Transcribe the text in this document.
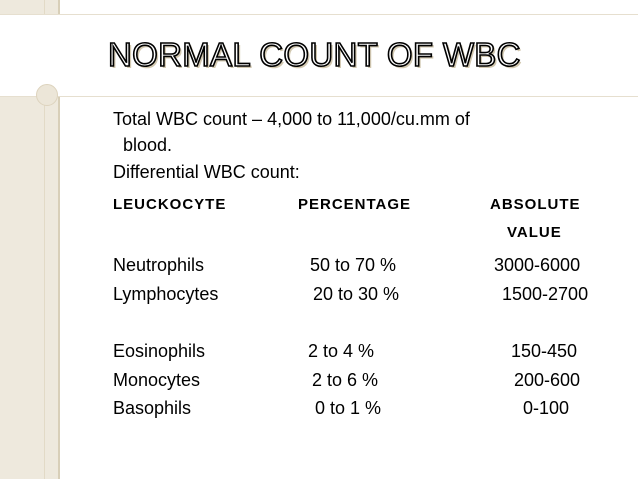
NORMAL COUNT OF WBC
Total WBC count – 4,000 to 11,000/cu.mm of
blood.
Differential WBC count:
LEUCKOCYTE	PERCENTAGE	ABSOLUTE
VALUE
Neutrophils	50 to 70 %	3000-6000
Lymphocytes	20 to 30 %	1500-2700
Eosinophils	2 to 4 %	150-450
Monocytes	2 to 6 %	200-600
Basophils	0 to 1 %	0-100
